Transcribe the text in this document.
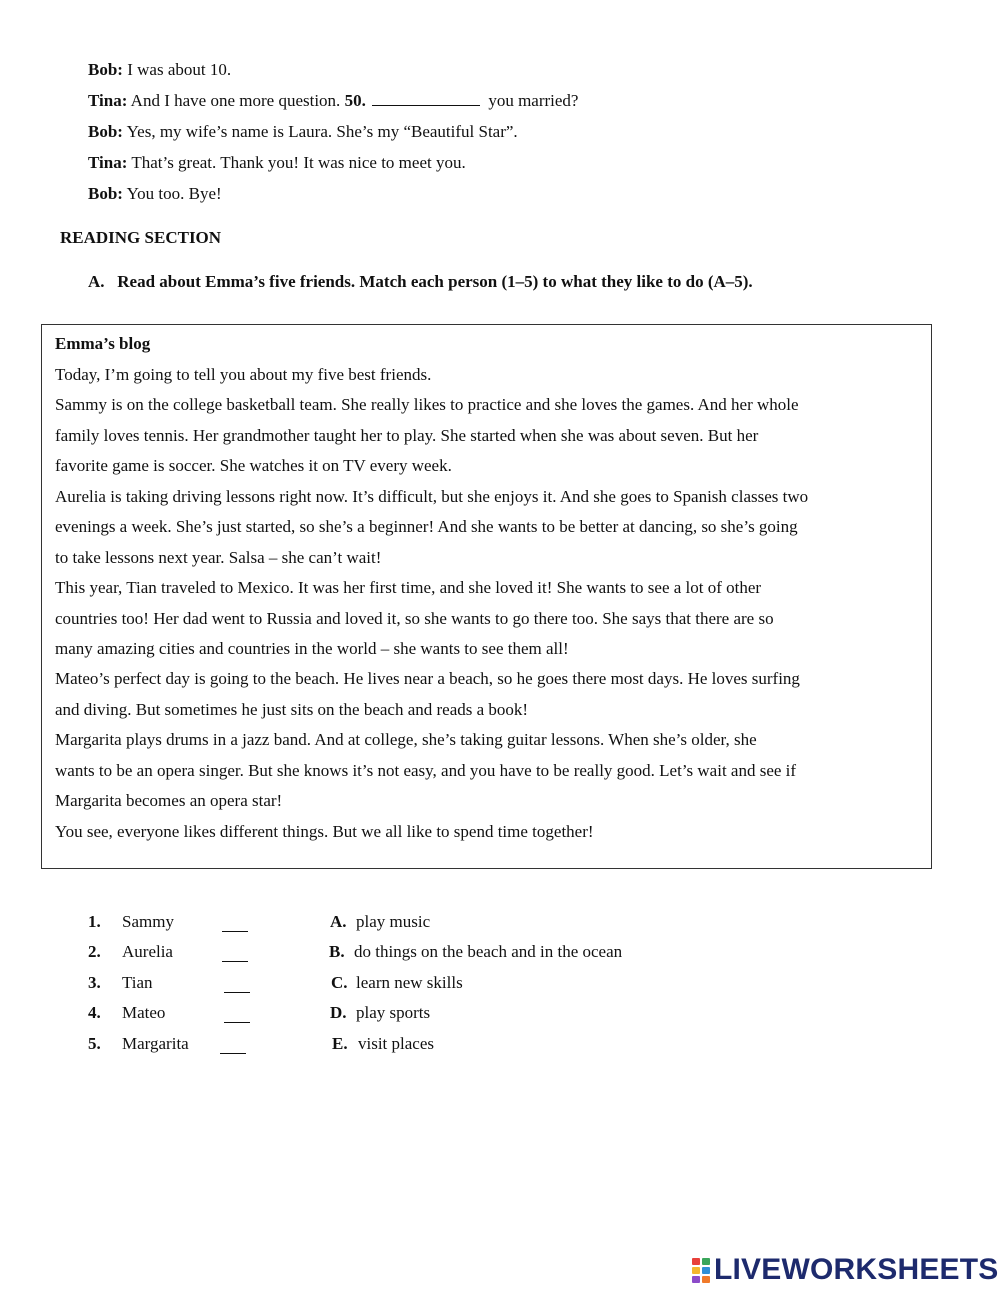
Bob: I was about 10.
Tina: And I have one more question. 50.	you married?
Bob: Yes, my wife’s name is Laura. She’s my “Beautiful Star”.
Tina: That’s great. Thank you! It was nice to meet you.
Bob: You too. Bye!
READING SECTION
A.   Read about Emma’s five friends. Match each person (1–5) to what they like to do (A–5).
Emma’s blog
Today, I’m going to tell you about my five best friends.
Sammy is on the college basketball team. She really likes to practice and she loves the games. And her whole
family loves tennis. Her grandmother taught her to play. She started when she was about seven. But her
favorite game is soccer. She watches it on TV every week.
Aurelia is taking driving lessons right now. It’s difficult, but she enjoys it. And she goes to Spanish classes two
evenings a week. She’s just started, so she’s a beginner! And she wants to be better at dancing, so she’s going
to take lessons next year. Salsa – she can’t wait!
This year, Tian traveled to Mexico. It was her first time, and she loved it! She wants to see a lot of other
countries too! Her dad went to Russia and loved it, so she wants to go there too. She says that there are so
many amazing cities and countries in the world – she wants to see them all!
Mateo’s perfect day is going to the beach. He lives near a beach, so he goes there most days. He loves surfing
and diving. But sometimes he just sits on the beach and reads a book!
Margarita plays drums in a jazz band. And at college, she’s taking guitar lessons. When she’s older, she
wants to be an opera singer. But she knows it’s not easy, and you have to be really good. Let’s wait and see if
Margarita becomes an opera star!
You see, everyone likes different things. But we all like to spend time together!
1. Sammy	A. play music
2. Aurelia	B. do things on the beach and in the ocean
3. Tian	C. learn new skills
4. Mateo	D. play sports
5. Margarita	E. visit places
LIVEWORKSHEETS
